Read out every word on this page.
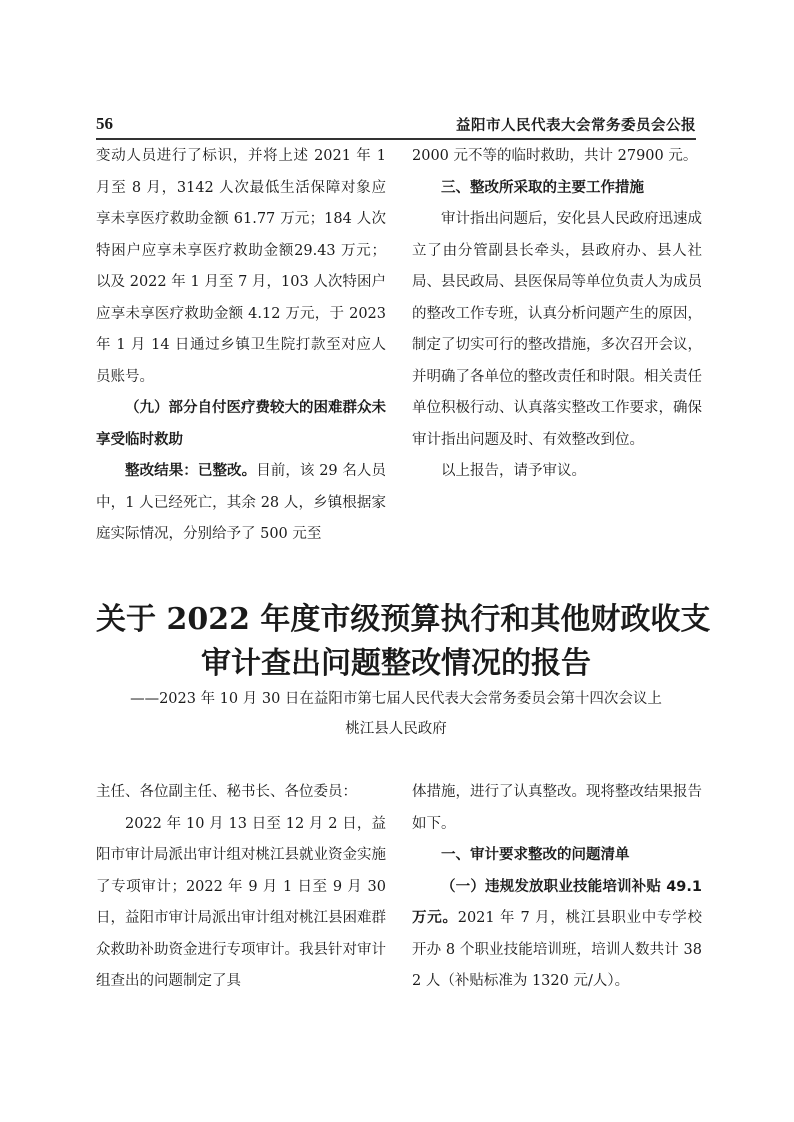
56	益阳市人民代表大会常务委员会公报

变动人员进行了标识，并将上述 2021 年 1 月至 8 月，3142 人次最低生活保障对象应享未享医疗救助金额 61.77 万元；184 人次特困户应享未享医疗救助金额29.43 万元；以及 2022 年 1 月至 7 月，103 人次特困户应享未享医疗救助金额 4.12 万元，于 2023 年 1 月 14 日通过乡镇卫生院打款至对应人员账号。

（九）部分自付医疗费较大的困难群众未享受临时救助

整改结果：已整改。目前，该 29 名人员中，1 人已经死亡，其余 28 人，乡镇根据家庭实际情况，分别给予了 500 元至

2000 元不等的临时救助，共计 27900 元。

三、整改所采取的主要工作措施

审计指出问题后，安化县人民政府迅速成立了由分管副县长牵头，县政府办、县人社局、县民政局、县医保局等单位负责人为成员的整改工作专班，认真分析问题产生的原因，制定了切实可行的整改措施，多次召开会议，并明确了各单位的整改责任和时限。相关责任单位积极行动、认真落实整改工作要求，确保审计指出问题及时、有效整改到位。

以上报告，请予审议。

关于 2022 年度市级预算执行和其他财政收支
审计查出问题整改情况的报告
——2023 年 10 月 30 日在益阳市第七届人民代表大会常务委员会第十四次会议上
桃江县人民政府

主任、各位副主任、秘书长、各位委员：

2022 年 10 月 13 日至 12 月 2 日，益阳市审计局派出审计组对桃江县就业资金实施了专项审计；2022 年 9 月 1 日至 9 月 30 日，益阳市审计局派出审计组对桃江县困难群众救助补助资金进行专项审计。我县针对审计组查出的问题制定了具

体措施，进行了认真整改。现将整改结果报告如下。

一、审计要求整改的问题清单

（一）违规发放职业技能培训补贴 49.1 万元。2021 年 7 月，桃江县职业中专学校开办 8 个职业技能培训班，培训人数共计 382 人（补贴标准为 1320 元/人）。
